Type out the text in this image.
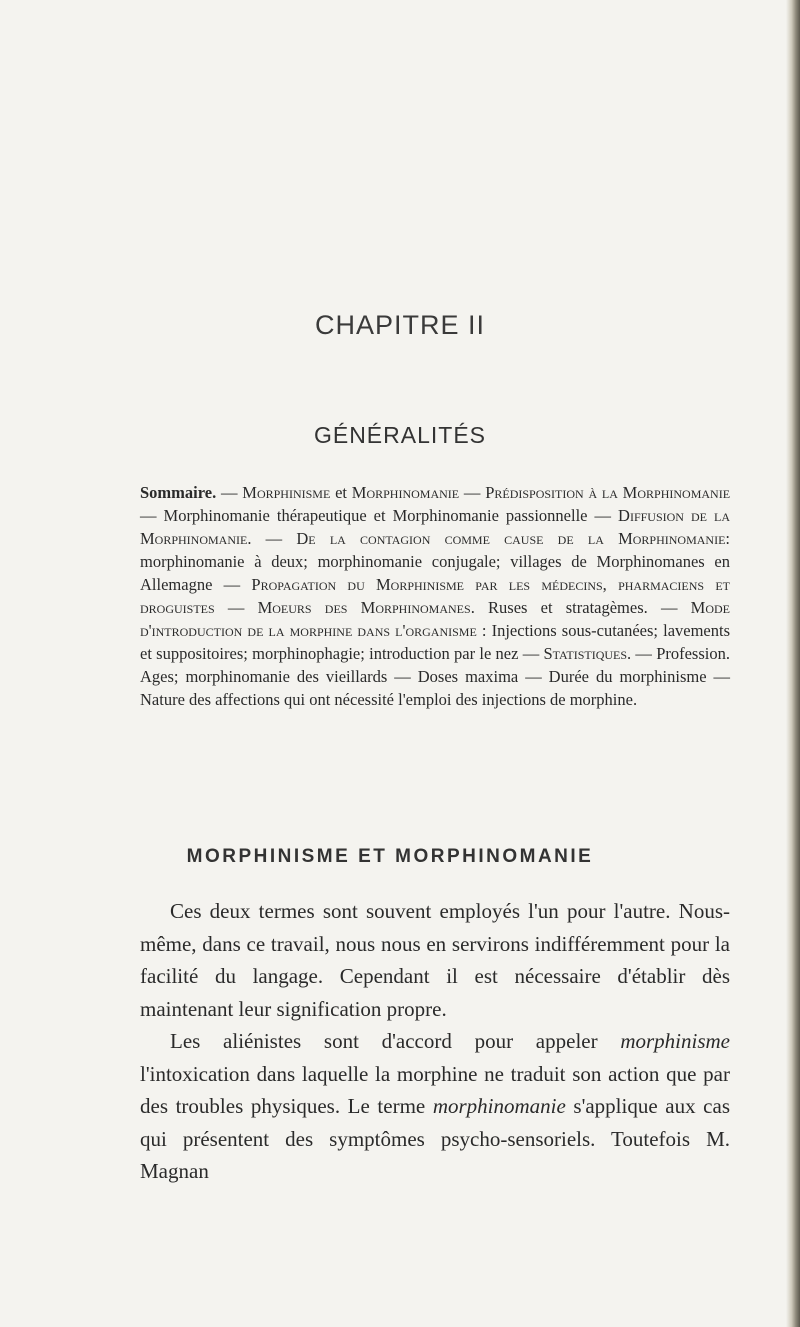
CHAPITRE II
GÉNÉRALITÉS
Sommaire. — Morphinisme et Morphinomanie — Prédisposition à la Morphinomanie — Morphinomanie thérapeutique et Morphinomanie passionnelle — Diffusion de la Morphinomanie. — De la contagion comme cause de la Morphinomanie: morphinomanie à deux; morphinomanie conjugale; villages de Morphinomanes en Allemagne — Propagation du Morphinisme par les médecins, pharmaciens et droguistes — Moeurs des Morphinomanes. Ruses et stratagèmes. — Mode d'introduction de la morphine dans l'organisme : Injections sous-cutanées; lavements et suppositoires; morphinophagie; introduction par le nez — Statistiques. — Profession. Ages; morphinomanie des vieillards — Doses maxima — Durée du morphinisme — Nature des affections qui ont nécessité l'emploi des injections de morphine.
MORPHINISME ET MORPHINOMANIE

Ces deux termes sont souvent employés l'un pour l'autre. Nous-même, dans ce travail, nous nous en servirons indifféremment pour la facilité du langage. Cependant il est nécessaire d'établir dès maintenant leur signification propre.

Les aliénistes sont d'accord pour appeler morphinisme l'intoxication dans laquelle la morphine ne traduit son action que par des troubles physiques. Le terme morphinomanie s'applique aux cas qui présentent des symptômes psycho-sensoriels. Toutefois M. Magnan
